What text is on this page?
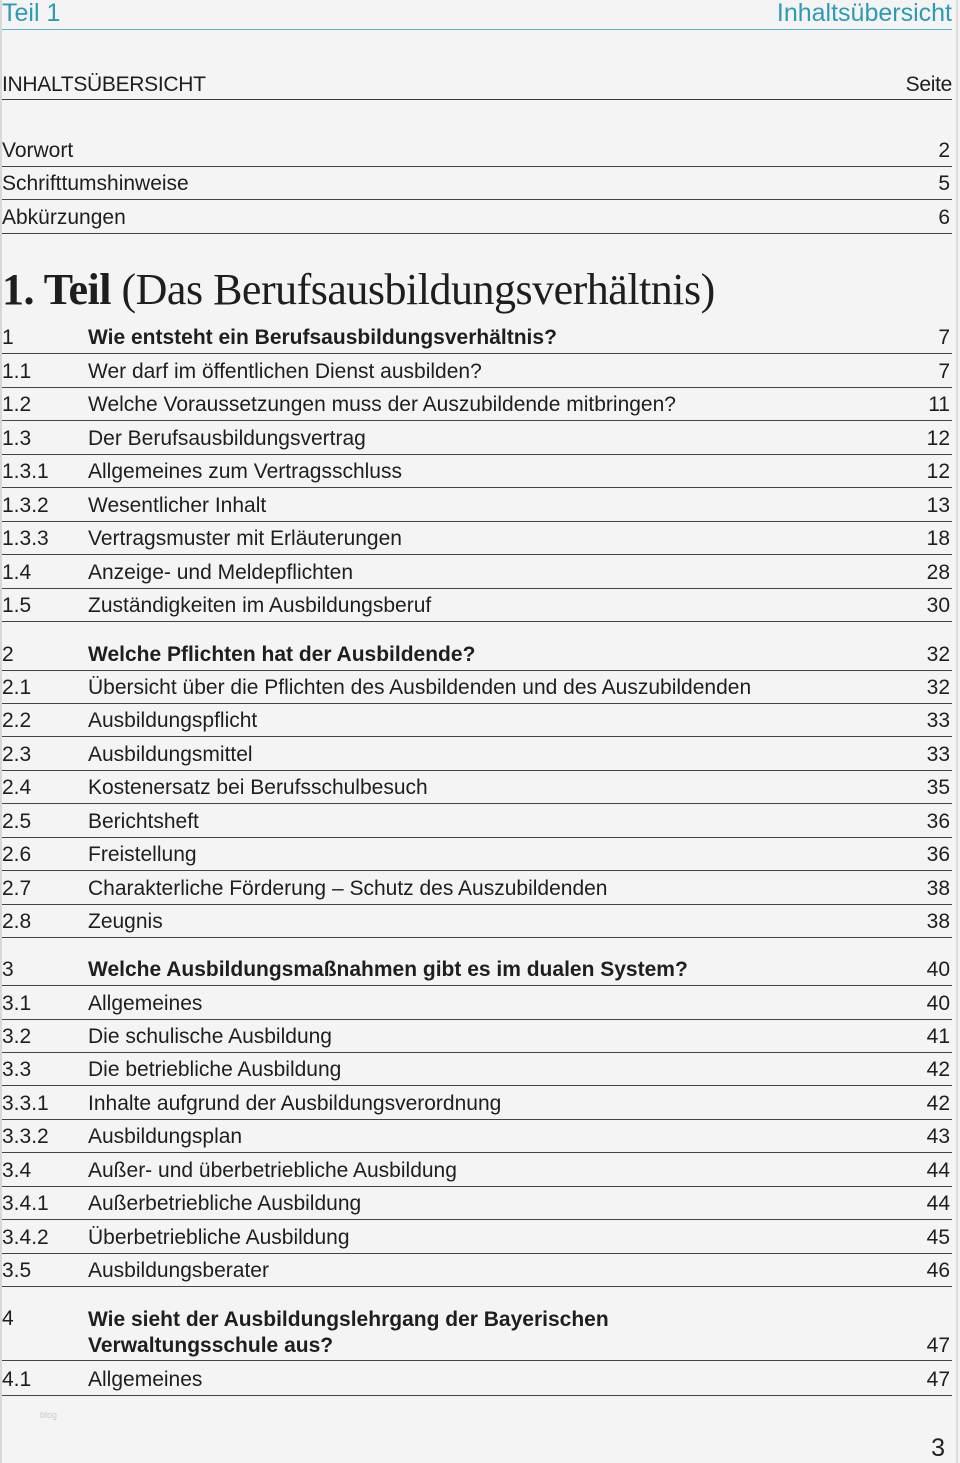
Teil 1	Inhaltsübersicht
INHALTSÜBERSICHT	Seite
Vorwort	2
Schrifttumshinweise	5
Abkürzungen	6
1. Teil (Das Berufsausbildungsverhältnis)
1	Wie entsteht ein Berufsausbildungsverhältnis?	7
1.1	Wer darf im öffentlichen Dienst ausbilden?	7
1.2	Welche Voraussetzungen muss der Auszubildende mitbringen?	11
1.3	Der Berufsausbildungsvertrag	12
1.3.1 Allgemeines zum Vertragsschluss	12
1.3.2 Wesentlicher Inhalt	13
1.3.3 Vertragsmuster mit Erläuterungen	18
1.4	Anzeige- und Meldepflichten	28
1.5	Zuständigkeiten im Ausbildungsberuf	30
2	Welche Pflichten hat der Ausbildende?	32
2.1	Übersicht über die Pflichten des Ausbildenden und des Auszubildenden	32
2.2	Ausbildungspflicht	33
2.3	Ausbildungsmittel	33
2.4	Kostenersatz bei Berufsschulbesuch	35
2.5	Berichtsheft	36
2.6	Freistellung	36
2.7	Charakterliche Förderung – Schutz des Auszubildenden	38
2.8	Zeugnis	38
3	Welche Ausbildungsmaßnahmen gibt es im dualen System?	40
3.1	Allgemeines	40
3.2	Die schulische Ausbildung	41
3.3	Die betriebliche Ausbildung	42
3.3.1 Inhalte aufgrund der Ausbildungsverordnung	42
3.3.2 Ausbildungsplan	43
3.4	Außer- und überbetriebliche Ausbildung	44
3.4.1 Außerbetriebliche Ausbildung	44
3.4.2 Überbetriebliche Ausbildung	45
3.5	Ausbildungsberater	46
4	Wie sieht der Ausbildungslehrgang der Bayerischen
Verwaltungsschule aus?	47
4.1	Allgemeines	47
blog
3
